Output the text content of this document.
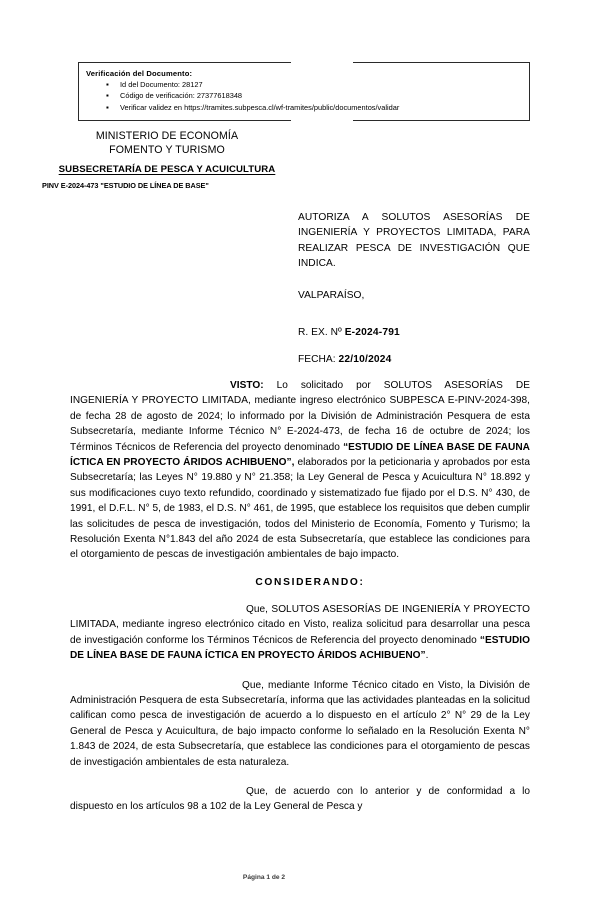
Verificación del Documento:
▪ Id del Documento: 28127
▪ Código de verificación: 27377618348
▪ Verificar validez en https://tramites.subpesca.cl/wf-tramites/public/documentos/validar
MINISTERIO DE ECONOMÍA
FOMENTO Y TURISMO
SUBSECRETARÍA DE PESCA Y ACUICULTURA
PINV E-2024-473 "ESTUDIO DE LÍNEA DE BASE"
AUTORIZA A SOLUTOS ASESORÍAS DE INGENIERÍA Y PROYECTOS LIMITADA, PARA REALIZAR PESCA DE INVESTIGACIÓN QUE INDICA.
VALPARAÍSO,
R. EX. Nº E-2024-791
FECHA: 22/10/2024

VISTO: Lo solicitado por SOLUTOS ASESORÍAS DE INGENIERÍA Y PROYECTO LIMITADA, mediante ingreso electrónico SUBPESCA E-PINV-2024-398, de fecha 28 de agosto de 2024; lo informado por la División de Administración Pesquera de esta Subsecretaría, mediante Informe Técnico N° E-2024-473, de fecha 16 de octubre de 2024; los Términos Técnicos de Referencia del proyecto denominado “ESTUDIO DE LÍNEA BASE DE FAUNA ÍCTICA EN PROYECTO ÁRIDOS ACHIBUENO”, elaborados por la peticionaria y aprobados por esta Subsecretaría; las Leyes N° 19.880 y N° 21.358; la Ley General de Pesca y Acuicultura N° 18.892 y sus modificaciones cuyo texto refundido, coordinado y sistematizado fue fijado por el D.S. N° 430, de 1991, el D.F.L. N° 5, de 1983, el D.S. N° 461, de 1995, que establece los requisitos que deben cumplir las solicitudes de pesca de investigación, todos del Ministerio de Economía, Fomento y Turismo; la Resolución Exenta N°1.843 del año 2024 de esta Subsecretaría, que establece las condiciones para el otorgamiento de pescas de investigación ambientales de bajo impacto.

CONSIDERANDO:

Que, SOLUTOS ASESORÍAS DE INGENIERÍA Y PROYECTO LIMITADA, mediante ingreso electrónico citado en Visto, realiza solicitud para desarrollar una pesca de investigación conforme los Términos Técnicos de Referencia del proyecto denominado “ESTUDIO DE LÍNEA BASE DE FAUNA ÍCTICA EN PROYECTO ÁRIDOS ACHIBUENO”.

Que, mediante Informe Técnico citado en Visto, la División de Administración Pesquera de esta Subsecretaría, informa que las actividades planteadas en la solicitud califican como pesca de investigación de acuerdo a lo dispuesto en el artículo 2° N° 29 de la Ley General de Pesca y Acuicultura, de bajo impacto conforme lo señalado en la Resolución Exenta N° 1.843 de 2024, de esta Subsecretaría, que establece las condiciones para el otorgamiento de pescas de investigación ambientales de esta naturaleza.

Que, de acuerdo con lo anterior y de conformidad a lo dispuesto en los artículos 98 a 102 de la Ley General de Pesca y

Página 1 de 2
